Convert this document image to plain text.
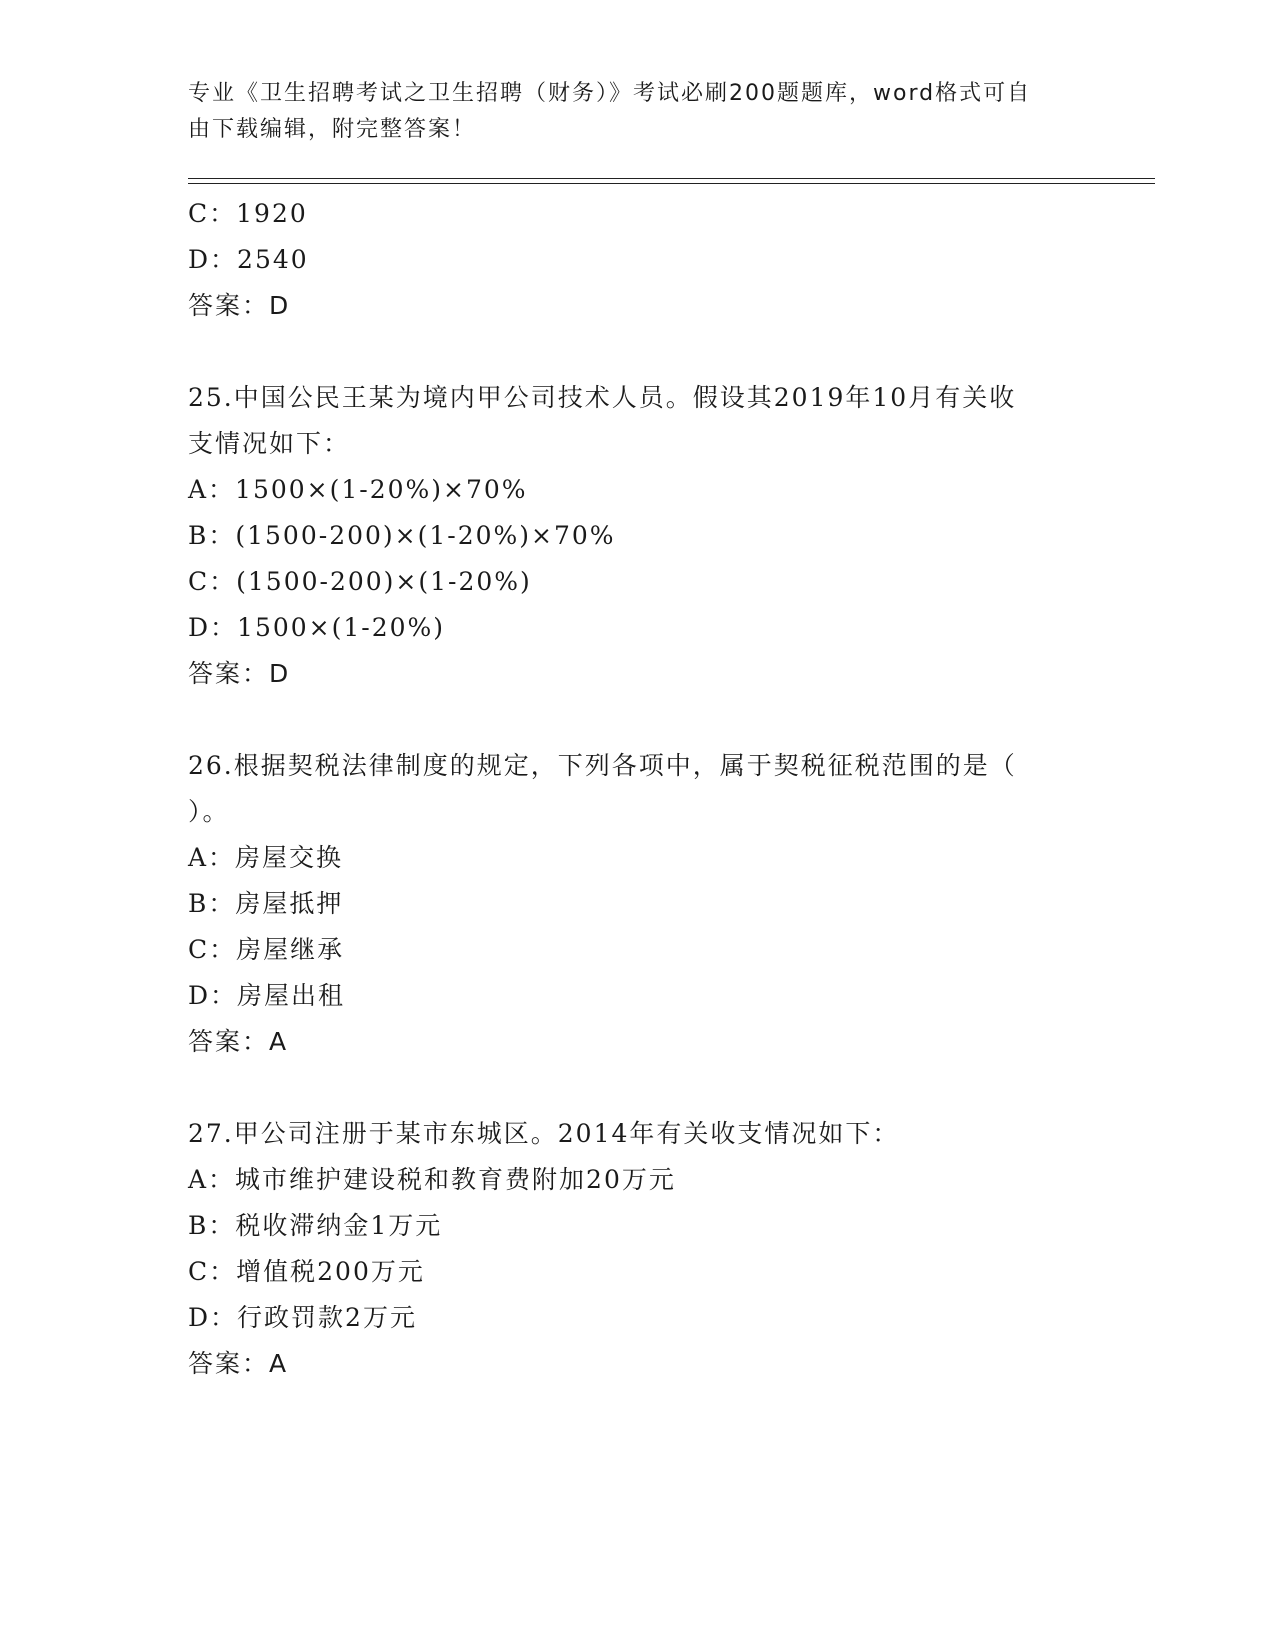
专业《卫生招聘考试之卫生招聘（财务）》考试必刷200题题库，word格式可自
由下载编辑，附完整答案！
C：1920
D：2540
答案：D
25.中国公民王某为境内甲公司技术人员。假设其2019年10月有关收
支情况如下：
A：1500×(1-20%)×70%
B：(1500-200)×(1-20%)×70%
C：(1500-200)×(1-20%)
D：1500×(1-20%)
答案：D
26.根据契税法律制度的规定，下列各项中，属于契税征税范围的是（
）。
A：房屋交换
B：房屋抵押
C：房屋继承
D：房屋出租
答案：A
27.甲公司注册于某市东城区。2014年有关收支情况如下：
A：城市维护建设税和教育费附加20万元
B：税收滞纳金1万元
C：增值税200万元
D：行政罚款2万元
答案：A
